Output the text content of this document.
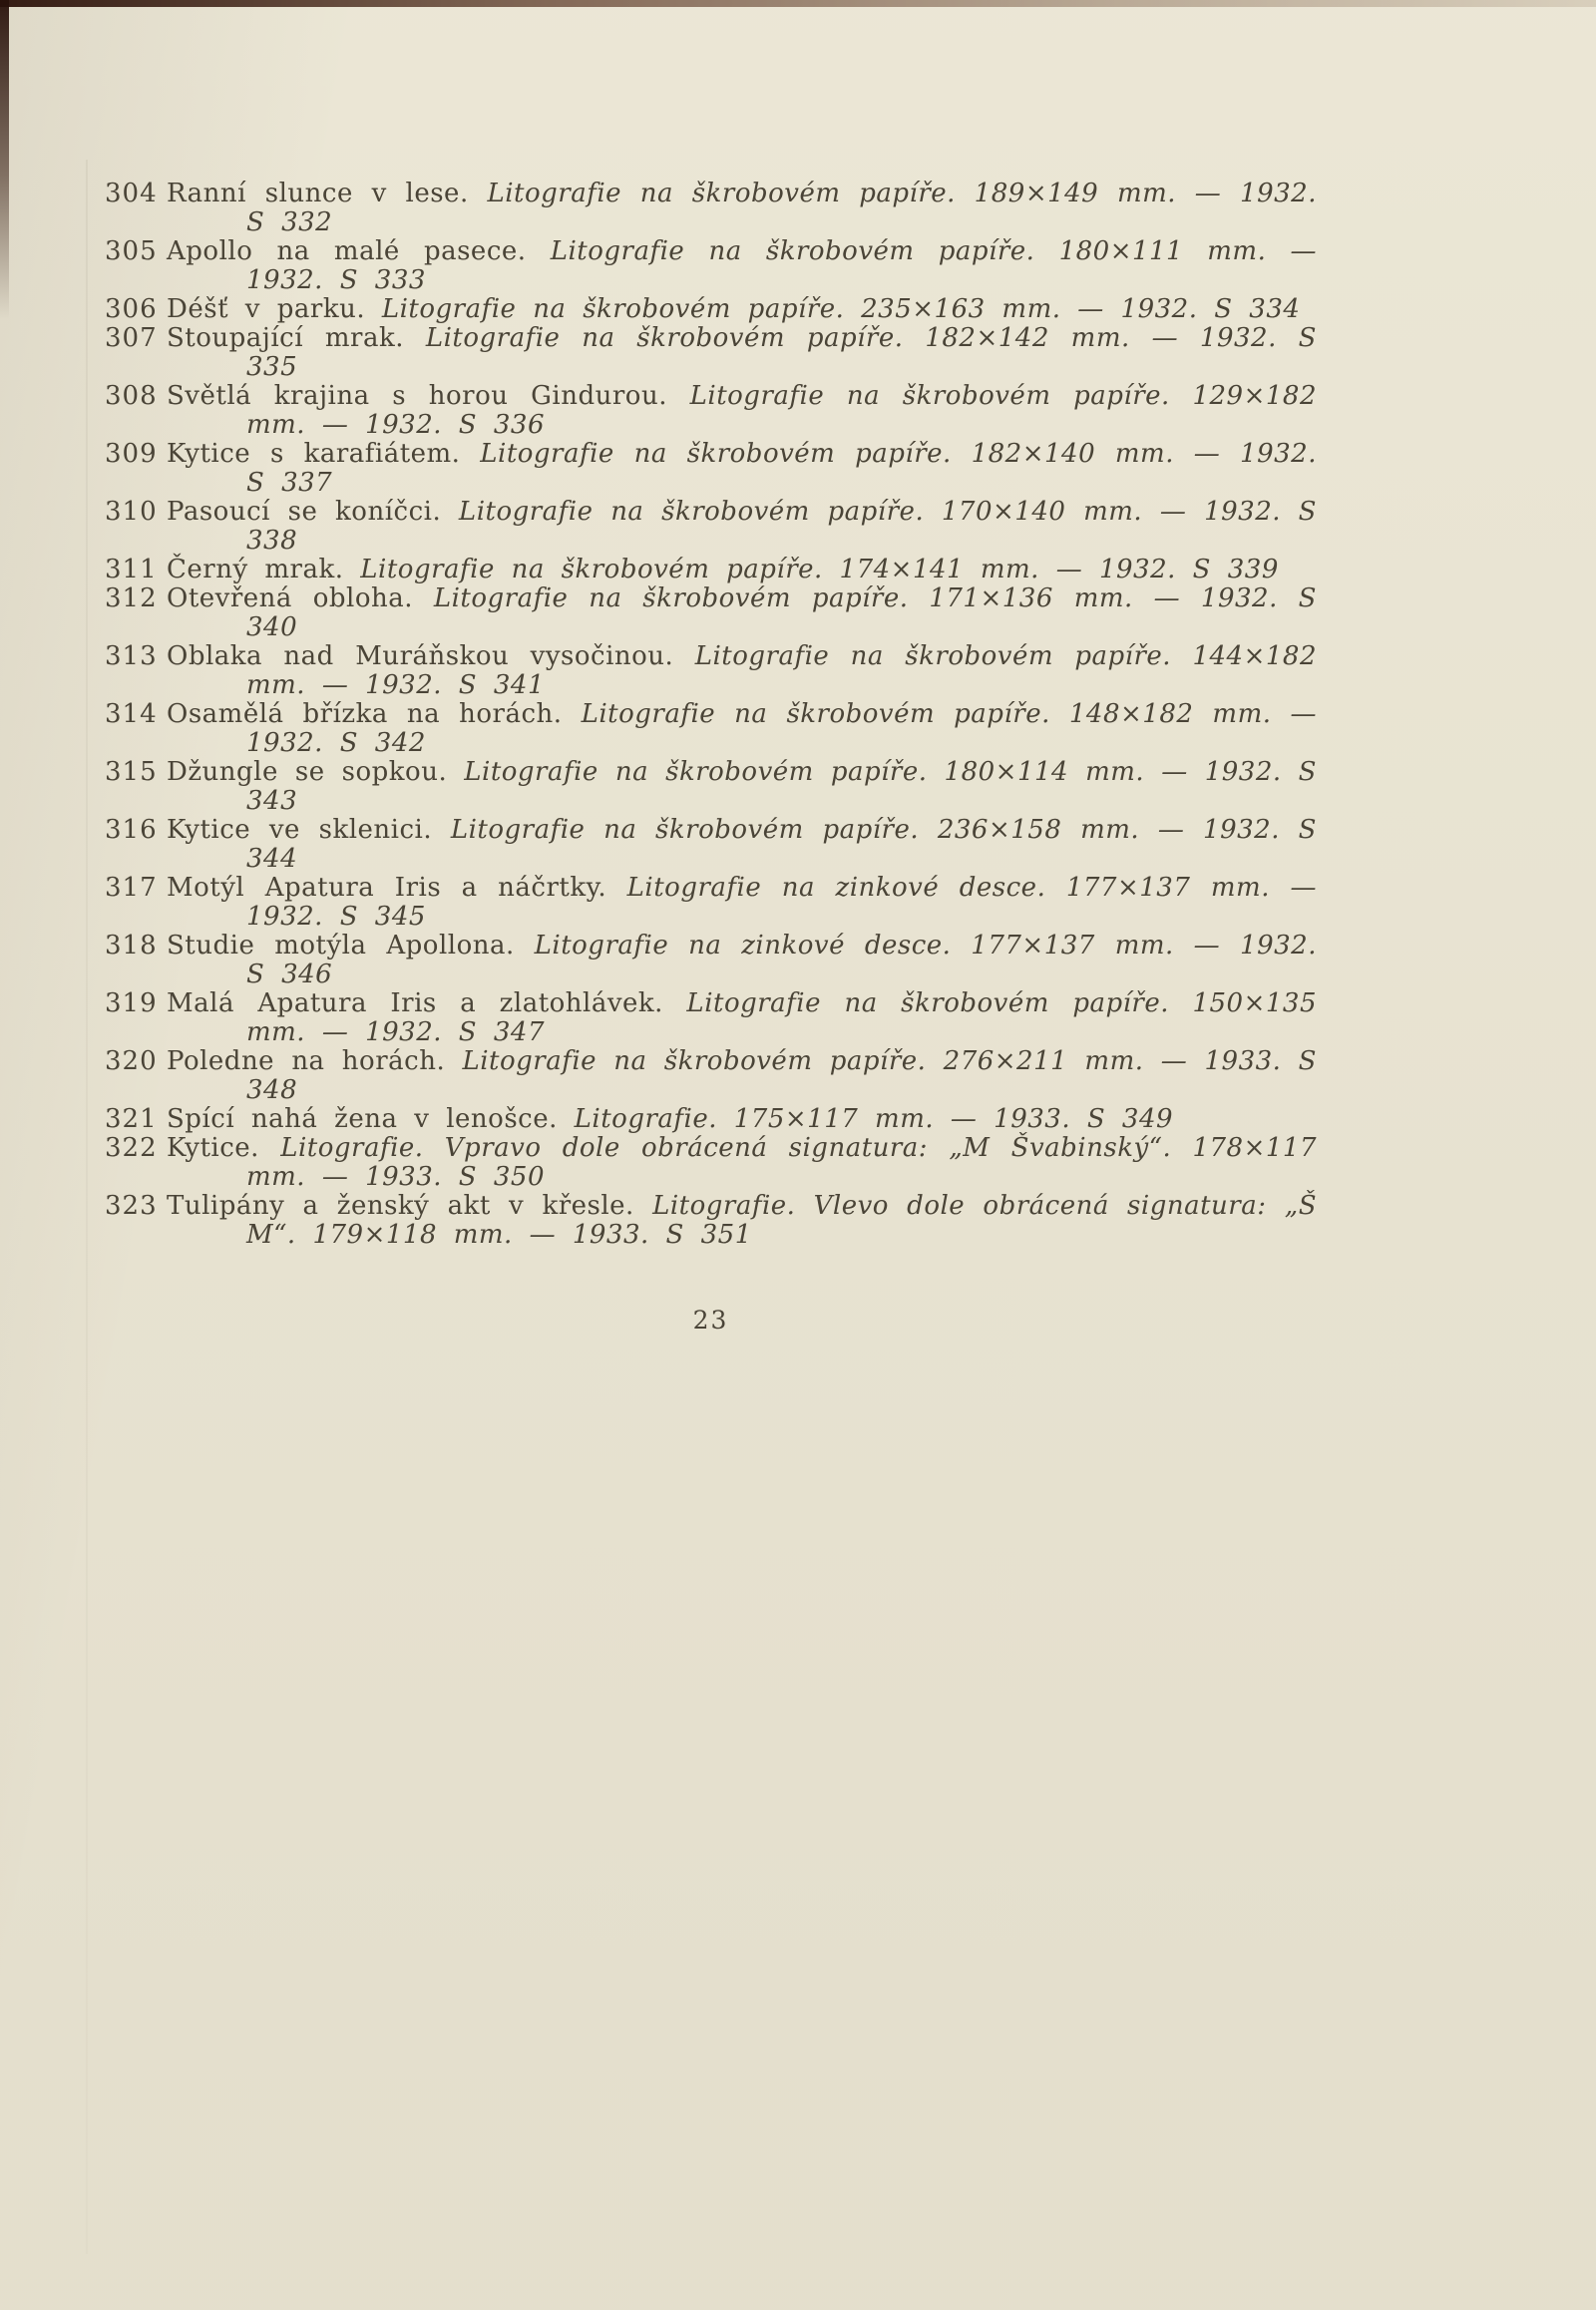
304 Ranní slunce v lese. Litografie na škrobovém papíře. 189×149 mm. — 1932. S 332

305 Apollo na malé pasece. Litografie na škrobovém papíře. 180×111 mm. — 1932. S 333

306 Déšť v parku. Litografie na škrobovém papíře. 235×163 mm. — 1932. S 334

307 Stoupající mrak. Litografie na škrobovém papíře. 182×142 mm. — 1932. S 335

308 Světlá krajina s horou Gindurou. Litografie na škrobovém papíře. 129×182 mm. — 1932. S 336

309 Kytice s karafiátem. Litografie na škrobovém papíře. 182×140 mm. — 1932. S 337

310 Pasoucí se koníčci. Litografie na škrobovém papíře. 170×140 mm. — 1932. S 338

311 Černý mrak. Litografie na škrobovém papíře. 174×141 mm. — 1932. S 339

312 Otevřená obloha. Litografie na škrobovém papíře. 171×136 mm. — 1932. S 340

313 Oblaka nad Muráňskou vysočinou. Litografie na škrobovém papíře. 144×182 mm. — 1932. S 341

314 Osamělá břízka na horách. Litografie na škrobovém papíře. 148×182 mm. — 1932. S 342

315 Džungle se sopkou. Litografie na škrobovém papíře. 180×114 mm. — 1932. S 343

316 Kytice ve sklenici. Litografie na škrobovém papíře. 236×158 mm. — 1932. S 344

317 Motýl Apatura Iris a náčrtky. Litografie na zinkové desce. 177×137 mm. — 1932. S 345

318 Studie motýla Apollona. Litografie na zinkové desce. 177×137 mm. — 1932. S 346

319 Malá Apatura Iris a zlatohlávek. Litografie na škrobovém papíře. 150×135 mm. — 1932. S 347

320 Poledne na horách. Litografie na škrobovém papíře. 276×211 mm. — 1933. S 348

321 Spící nahá žena v lenošce. Litografie. 175×117 mm. — 1933. S 349

322 Kytice. Litografie. Vpravo dole obrácená signatura: „M Švabinský“. 178×117 mm. — 1933. S 350

323 Tulipány a ženský akt v křesle. Litografie. Vlevo dole obrácená signatura: „Š M“. 179×118 mm. — 1933. S 351

23
